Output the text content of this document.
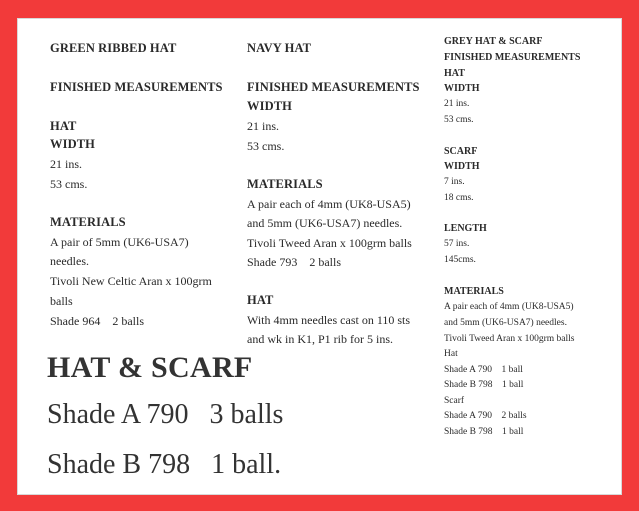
GREEN RIBBED HAT
FINISHED MEASUREMENTS
HAT
WIDTH
21 ins.
53 cms.
MATERIALS
A pair of 5mm (UK6-USA7)
needles.
Tivoli New Celtic Aran x 100grm
balls
Shade 964    2 balls
NAVY HAT
FINISHED MEASUREMENTS
WIDTH
21 ins.
53 cms.
MATERIALS
A pair each of 4mm (UK8-USA5)
and 5mm (UK6-USA7) needles.
Tivoli Tweed Aran x 100grm balls
Shade 793    2 balls
HAT
With 4mm needles cast on 110 sts
and wk in K1, P1 rib for 5 ins.
GREY HAT & SCARF
FINISHED MEASUREMENTS
HAT
WIDTH
21 ins.
53 cms.
SCARF
WIDTH
7 ins.
18 cms.
LENGTH
57 ins.
145cms.
MATERIALS
A pair each of 4mm (UK8-USA5)
and 5mm (UK6-USA7) needles.
Tivoli Tweed Aran x 100grm balls
Hat
Shade A 790    1 ball
Shade B 798    1 ball
Scarf
Shade A 790    2 balls
Shade B 798    1 ball
HAT & SCARF
Shade A 790   3 balls
Shade B 798   1 ball.
